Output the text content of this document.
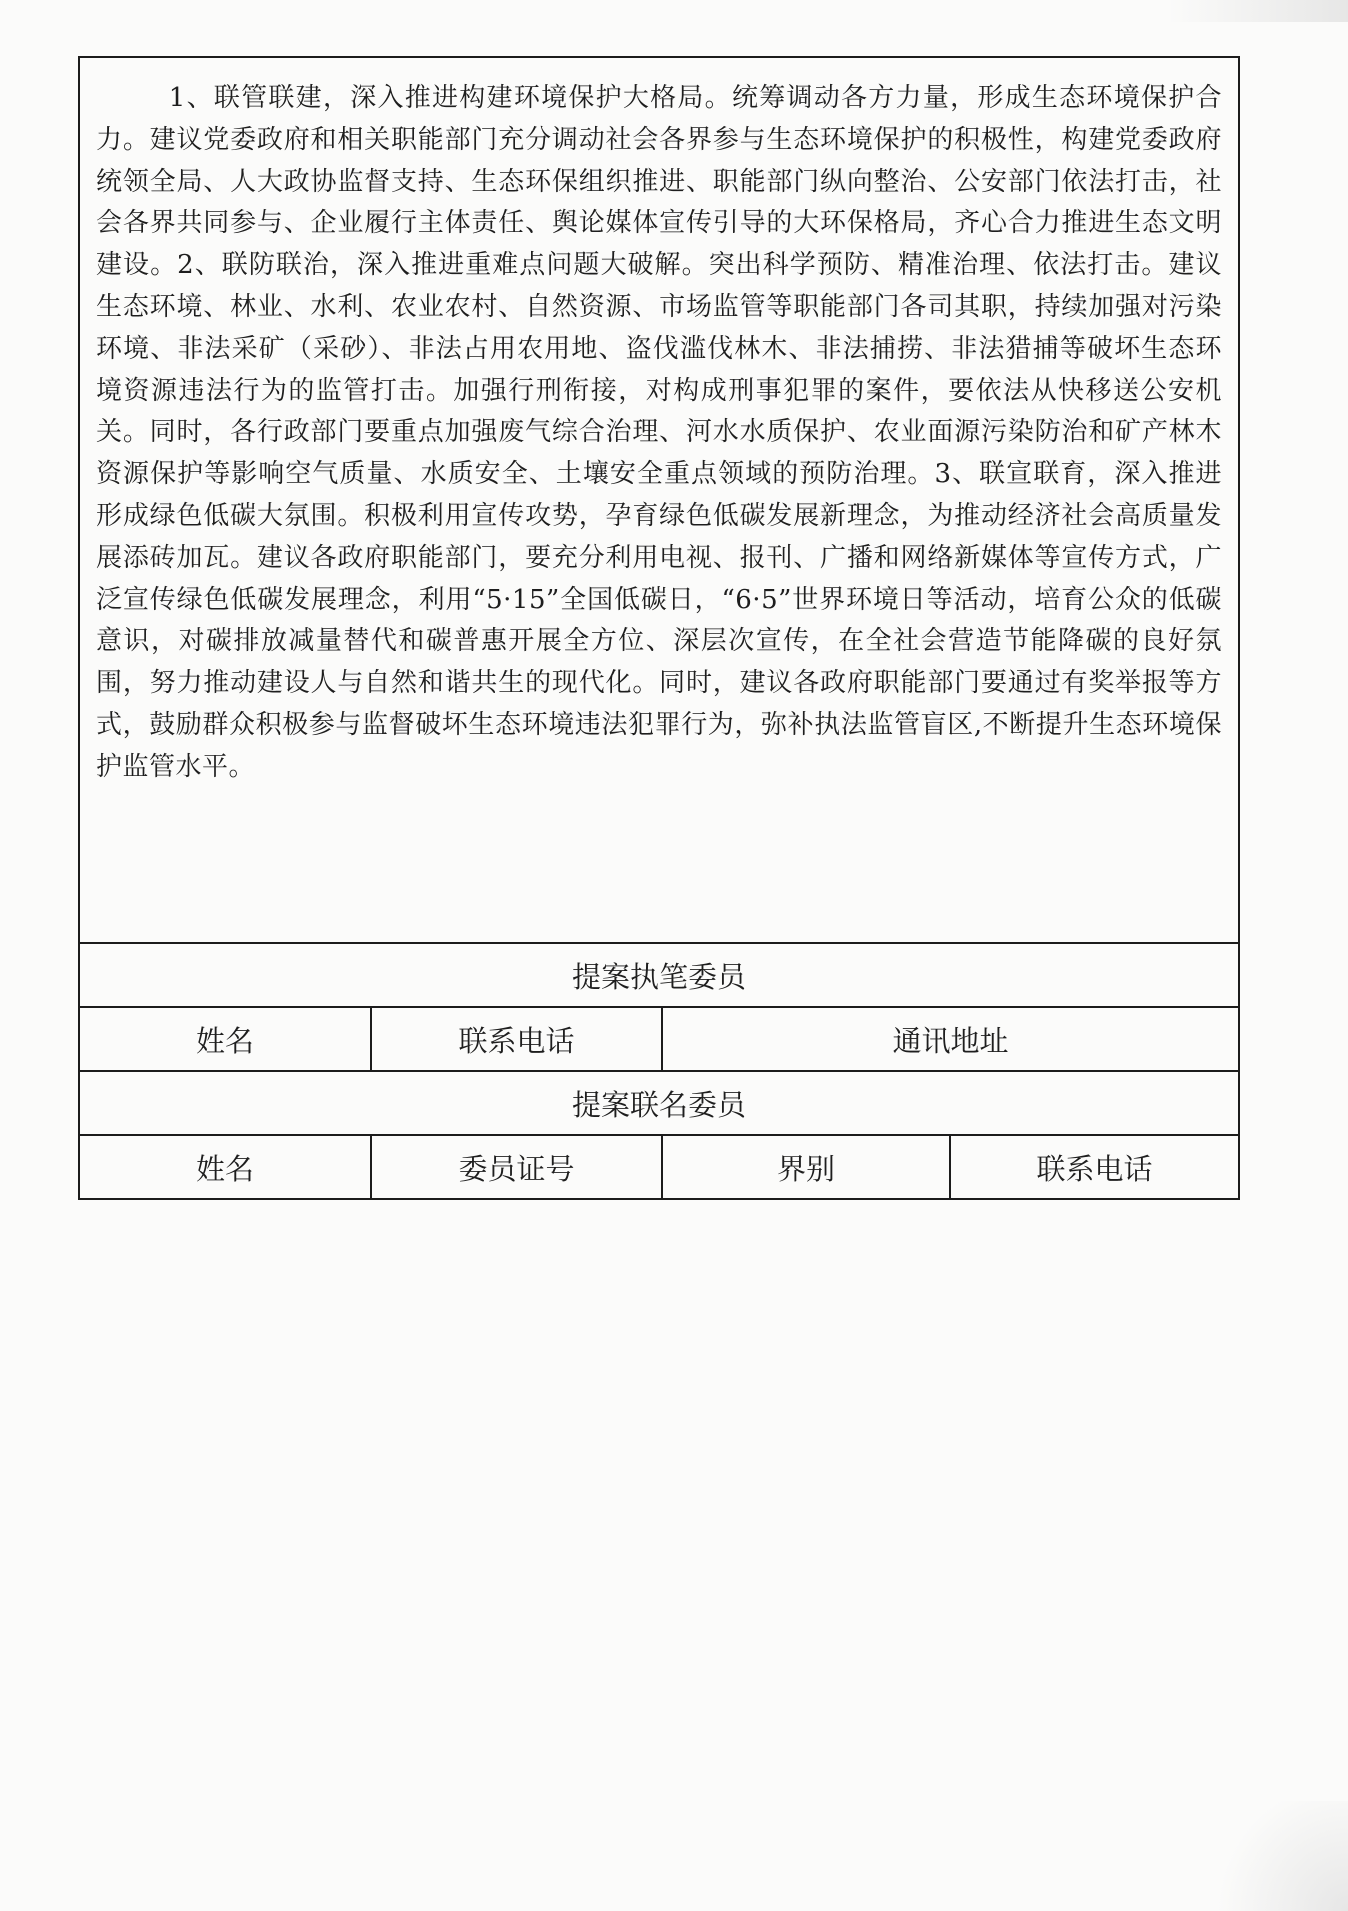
1、联管联建，深入推进构建环境保护大格局。统筹调动各方力量，形成生态环境保护合力。建议党委政府和相关职能部门充分调动社会各界参与生态环境保护的积极性，构建党委政府统领全局、人大政协监督支持、生态环保组织推进、职能部门纵向整治、公安部门依法打击，社会各界共同参与、企业履行主体责任、舆论媒体宣传引导的大环保格局，齐心合力推进生态文明建设。2、联防联治，深入推进重难点问题大破解。突出科学预防、精准治理、依法打击。建议生态环境、林业、水利、农业农村、自然资源、市场监管等职能部门各司其职，持续加强对污染环境、非法采矿（采砂）、非法占用农用地、盗伐滥伐林木、非法捕捞、非法猎捕等破坏生态环境资源违法行为的监管打击。加强行刑衔接，对构成刑事犯罪的案件，要依法从快移送公安机关。同时，各行政部门要重点加强废气综合治理、河水水质保护、农业面源污染防治和矿产林木资源保护等影响空气质量、水质安全、土壤安全重点领域的预防治理。3、联宣联育，深入推进形成绿色低碳大氛围。积极利用宣传攻势，孕育绿色低碳发展新理念，为推动经济社会高质量发展添砖加瓦。建议各政府职能部门，要充分利用电视、报刊、广播和网络新媒体等宣传方式，广泛宣传绿色低碳发展理念，利用“5·15”全国低碳日，“6·5”世界环境日等活动，培育公众的低碳意识，对碳排放减量替代和碳普惠开展全方位、深层次宣传，在全社会营造节能降碳的良好氛围，努力推动建设人与自然和谐共生的现代化。同时，建议各政府职能部门要通过有奖举报等方式，鼓励群众积极参与监督破坏生态环境违法犯罪行为，弥补执法监管盲区,不断提升生态环境保护监管水平。			

提案执笔委员			
姓名	联系电话	通讯地址	
提案联名委员			
姓名	委员证号	界别	联系电话
